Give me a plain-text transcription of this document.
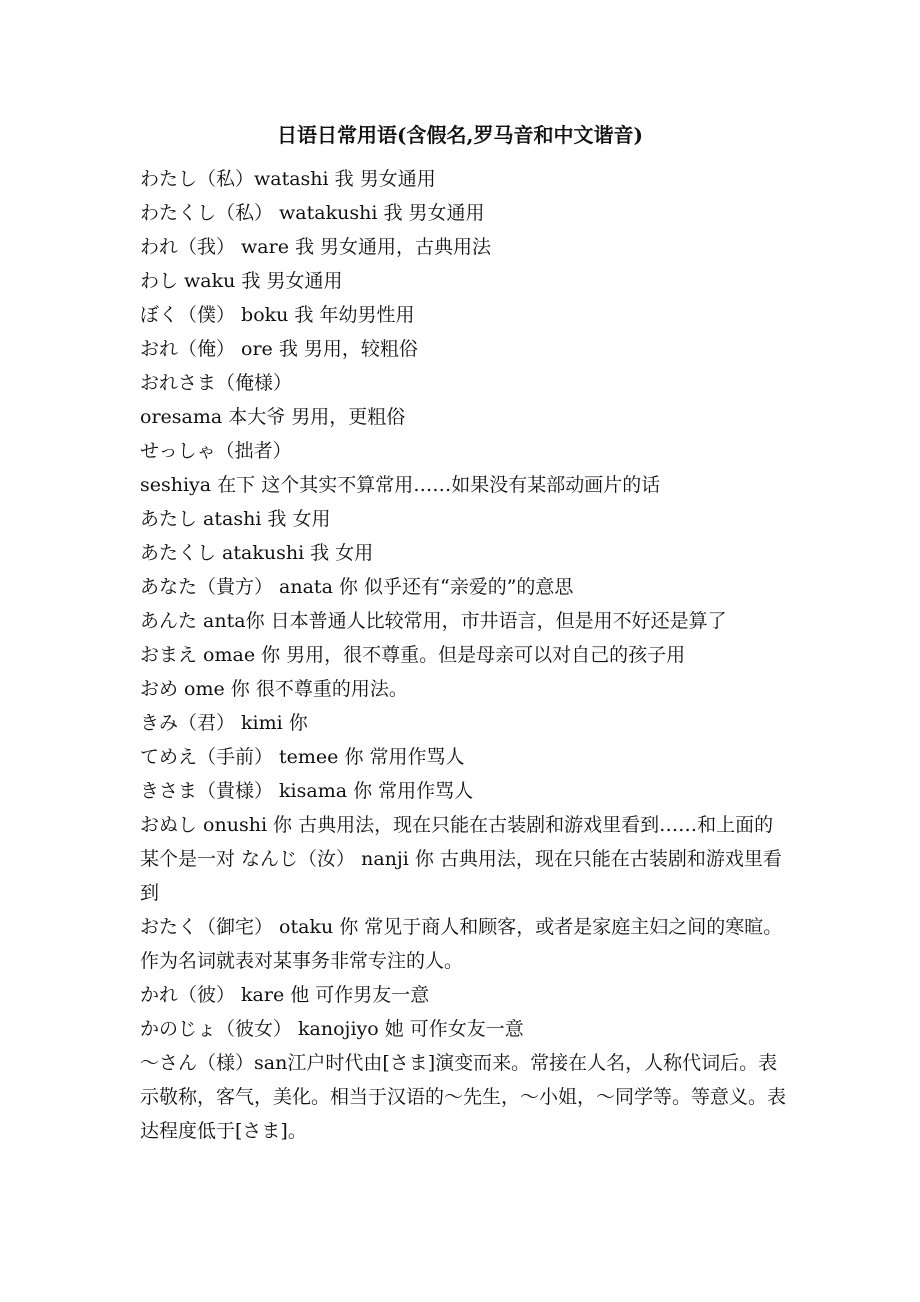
日语日常用语(含假名,罗马音和中文谐音)
わたし（私）watashi 我 男女通用
わたくし（私） watakushi 我 男女通用
われ（我） ware 我 男女通用，古典用法
わし waku 我 男女通用
ぼく（僕） boku 我 年幼男性用
おれ（俺） ore 我 男用，较粗俗
おれさま（俺様）
oresama 本大爷 男用，更粗俗
せっしゃ（拙者）
seshiya 在下 这个其实不算常用……如果没有某部动画片的话
あたし atashi 我 女用
あたくし atakushi 我 女用
あなた（貴方） anata 你 似乎还有“亲爱的”的意思
あんた anta你 日本普通人比较常用，市井语言，但是用不好还是算了
おまえ omae 你 男用，很不尊重。但是母亲可以对自己的孩子用
おめ ome 你 很不尊重的用法。
きみ（君） kimi 你
てめえ（手前） temee 你 常用作骂人
きさま（貴様） kisama 你 常用作骂人
おぬし onushi 你 古典用法，现在只能在古装剧和游戏里看到……和上面的某个是一对 なんじ（汝） nanji 你 古典用法，现在只能在古装剧和游戏里看到
おたく（御宅） otaku 你 常见于商人和顾客，或者是家庭主妇之间的寒暄。作为名词就表对某事务非常专注的人。
かれ（彼） kare 他 可作男友一意
かのじょ（彼女） kanojiyo 她 可作女友一意
～さん（様）san江户时代由[さま]演变而来。常接在人名，人称代词后。表示敬称，客气，美化。相当于汉语的～先生，～小姐，～同学等。等意义。表达程度低于[さま]。
